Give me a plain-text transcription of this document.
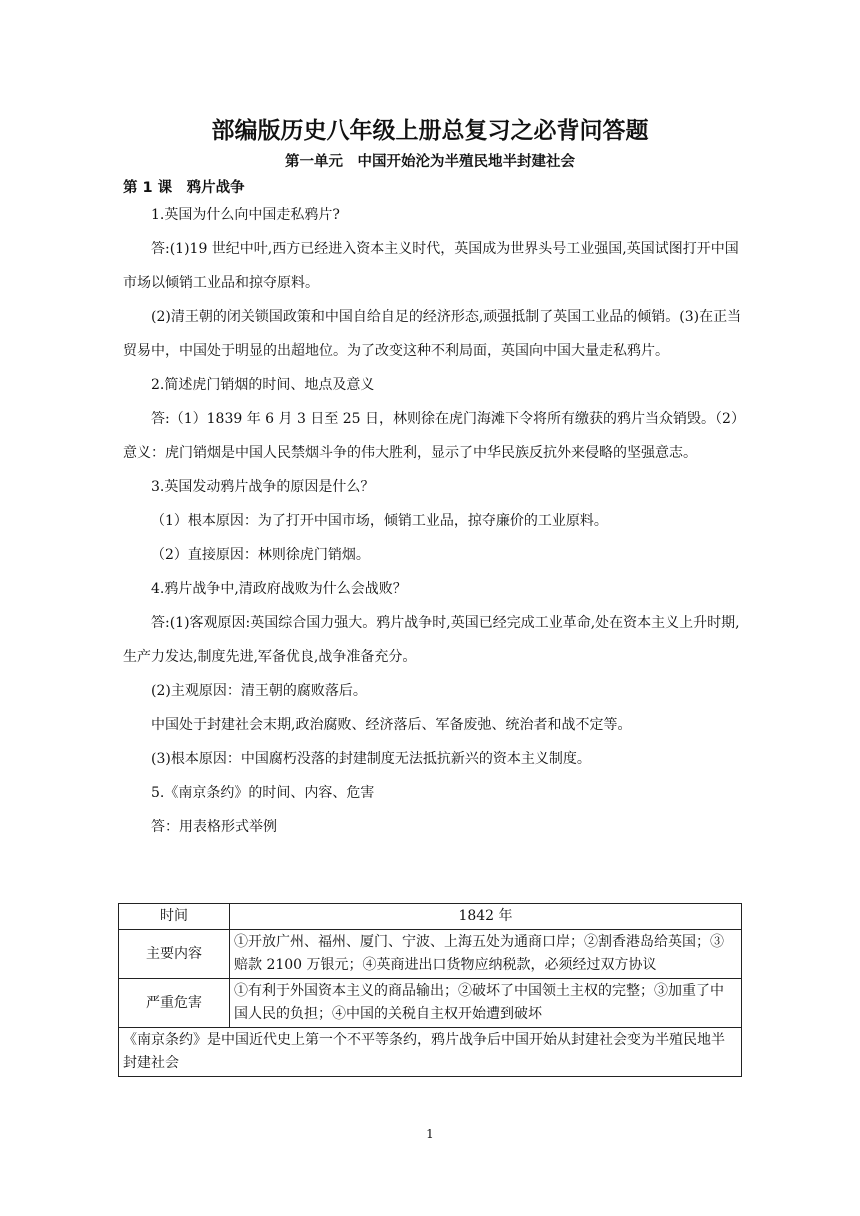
部编版历史八年级上册总复习之必背问答题
第一单元　中国开始沦为半殖民地半封建社会
第 1 课　鸦片战争

1.英国为什么向中国走私鸦片?

答:(1)19 世纪中叶,西方已经进入资本主义时代，英国成为世界头号工业强国,英国试图打开中国市场以倾销工业品和掠夺原料。

(2)清王朝的闭关锁国政策和中国自给自足的经济形态,顽强抵制了英国工业品的倾销。(3)在正当贸易中，中国处于明显的出超地位。为了改变这种不利局面，英国向中国大量走私鸦片。

2.简述虎门销烟的时间、地点及意义

答:（1）1839 年 6 月 3 日至 25 日，林则徐在虎门海滩下令将所有缴获的鸦片当众销毁。（2）意义：虎门销烟是中国人民禁烟斗争的伟大胜利，显示了中华民族反抗外来侵略的坚强意志。

3.英国发动鸦片战争的原因是什么？

（1）根本原因：为了打开中国市场，倾销工业品，掠夺廉价的工业原料。

（2）直接原因：林则徐虎门销烟。

4.鸦片战争中,清政府战败为什么会战败？

答:(1)客观原因:英国综合国力强大。鸦片战争时,英国已经完成工业革命,处在资本主义上升时期,生产力发达,制度先进,军备优良,战争准备充分。

(2)主观原因：清王朝的腐败落后。

中国处于封建社会末期,政治腐败、经济落后、军备废弛、统治者和战不定等。

(3)根本原因：中国腐朽没落的封建制度无法抵抗新兴的资本主义制度。

5.《南京条约》的时间、内容、危害

答：用表格形式举例

时间	1842 年
主要内容	①开放广州、福州、厦门、宁波、上海五处为通商口岸；②割香港岛给英国；③赔款 2100 万银元；④英商进出口货物应纳税款，必须经过双方协议
严重危害	①有利于外国资本主义的商品输出；②破坏了中国领土主权的完整；③加重了中国人民的负担；④中国的关税自主权开始遭到破坏
《南京条约》是中国近代史上第一个不平等条约，鸦片战争后中国开始从封建社会变为半殖民地半封建社会	
1
